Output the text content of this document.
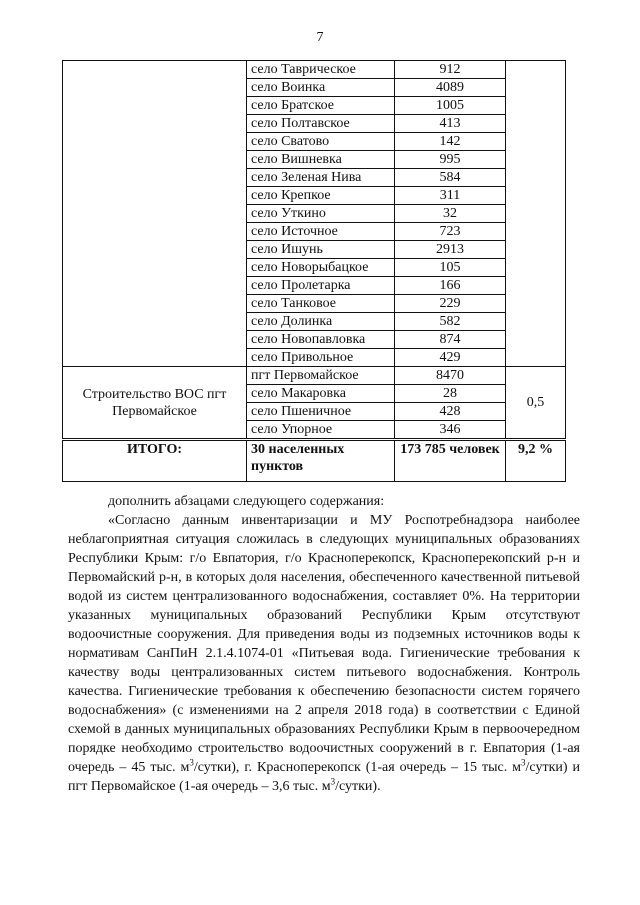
7
	село Таврическое	912	
	село Воинка	4089	
	село Братское	1005	
	село Полтавское	413	
	село Сватово	142	
	село Вишневка	995	
	село Зеленая Нива	584	
	село Крепкое	311	
	село Уткино	32	
	село Источное	723	
	село Ишунь	2913	
	село Новорыбацкое	105	
	село Пролетарка	166	
	село Танковое	229	
	село Долинка	582	
	село Новопавловка	874	
	село Привольное	429	
Строительство ВОС пгт Первомайское	пгт Первомайское	8470	0,5
	село Макаровка	28	
	село Пшеничное	428	
	село Упорное	346	
ИТОГО:	30 населенных пунктов	173 785 человек	9,2 %
дополнить абзацами следующего содержания:
«Согласно данным инвентаризации и МУ Роспотребнадзора наиболее неблагоприятная ситуация сложилась в следующих муниципальных образованиях Республики Крым: г/о Евпатория, г/о Красноперекопск, Красноперекопский р-н и Первомайский р-н, в которых доля населения, обеспеченного качественной питьевой водой из систем централизованного водоснабжения, составляет 0%. На территории указанных муниципальных образований Республики Крым отсутствуют водоочистные сооружения. Для приведения воды из подземных источников воды к нормативам СанПиН 2.1.4.1074-01 «Питьевая вода. Гигиенические требования к качеству воды централизованных систем питьевого водоснабжения. Контроль качества. Гигиенические требования к обеспечению безопасности систем горячего водоснабжения» (с изменениями на 2 апреля 2018 года) в соответствии с Единой схемой в данных муниципальных образованиях Республики Крым в первоочередном порядке необходимо строительство водоочистных сооружений в г. Евпатория (1-ая очередь – 45 тыс. $м^3/сутки$), г. Красноперекопск (1-ая очередь – 15 тыс. $м^3/сутки$) и пгт Первомайское (1-ая очередь – 3,6 тыс. $м^3/сутки$).
